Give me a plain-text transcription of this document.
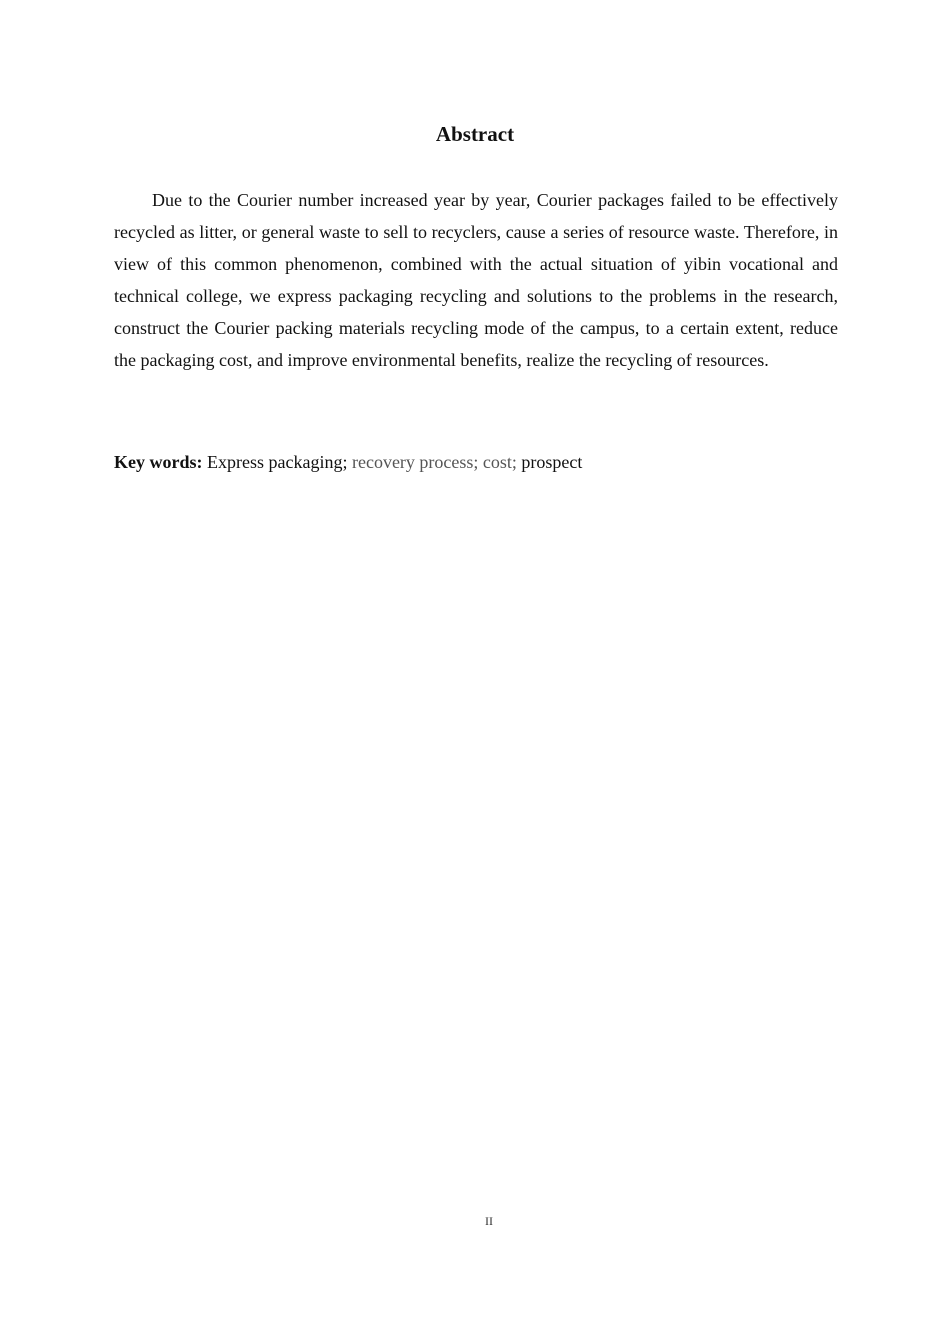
Abstract

Due to the Courier number increased year by year, Courier packages failed to be effectively recycled as litter, or general waste to sell to recyclers, cause a series of resource waste. Therefore, in view of this common phenomenon, combined with the actual situation of yibin vocational and technical college, we express packaging recycling and solutions to the problems in the research, construct the Courier packing materials recycling mode of the campus, to a certain extent, reduce the packaging cost, and improve environmental benefits, realize the recycling of resources.

Key words: Express packaging; recovery process; cost; prospect

II
